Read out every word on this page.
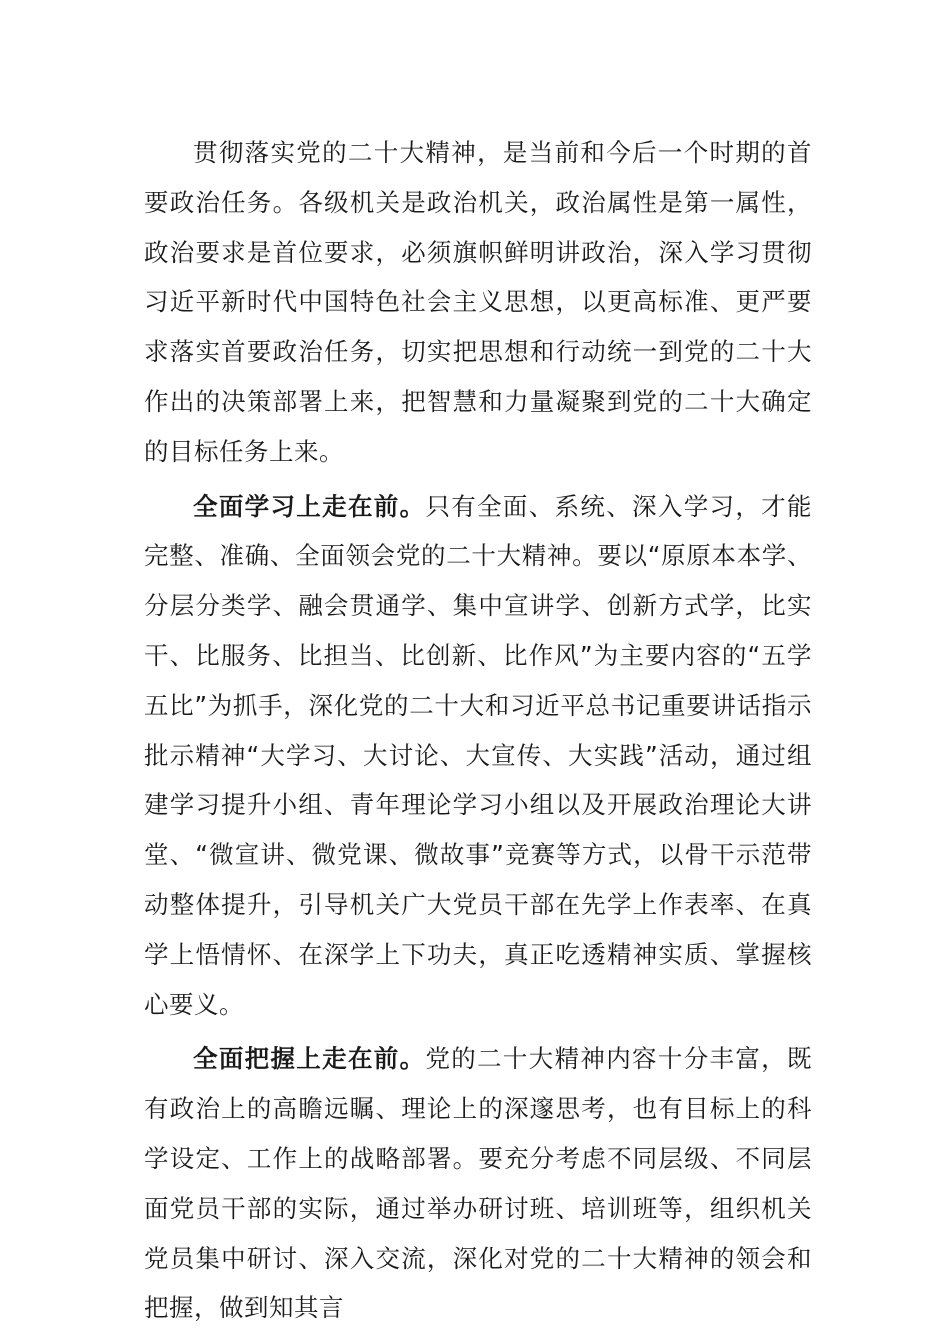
贯彻落实党的二十大精神，是当前和今后一个时期的首要政治任务。各级机关是政治机关，政治属性是第一属性，政治要求是首位要求，必须旗帜鲜明讲政治，深入学习贯彻习近平新时代中国特色社会主义思想，以更高标准、更严要求落实首要政治任务，切实把思想和行动统一到党的二十大作出的决策部署上来，把智慧和力量凝聚到党的二十大确定的目标任务上来。

全面学习上走在前。只有全面、系统、深入学习，才能完整、准确、全面领会党的二十大精神。要以“原原本本学、分层分类学、融会贯通学、集中宣讲学、创新方式学，比实干、比服务、比担当、比创新、比作风”为主要内容的“五学五比”为抓手，深化党的二十大和习近平总书记重要讲话指示批示精神“大学习、大讨论、大宣传、大实践”活动，通过组建学习提升小组、青年理论学习小组以及开展政治理论大讲堂、“微宣讲、微党课、微故事”竞赛等方式，以骨干示范带动整体提升，引导机关广大党员干部在先学上作表率、在真学上悟情怀、在深学上下功夫，真正吃透精神实质、掌握核心要义。

全面把握上走在前。党的二十大精神内容十分丰富，既有政治上的高瞻远瞩、理论上的深邃思考，也有目标上的科学设定、工作上的战略部署。要充分考虑不同层级、不同层面党员干部的实际，通过举办研讨班、培训班等，组织机关党员集中研讨、深入交流，深化对党的二十大精神的领会和把握，做到知其言
